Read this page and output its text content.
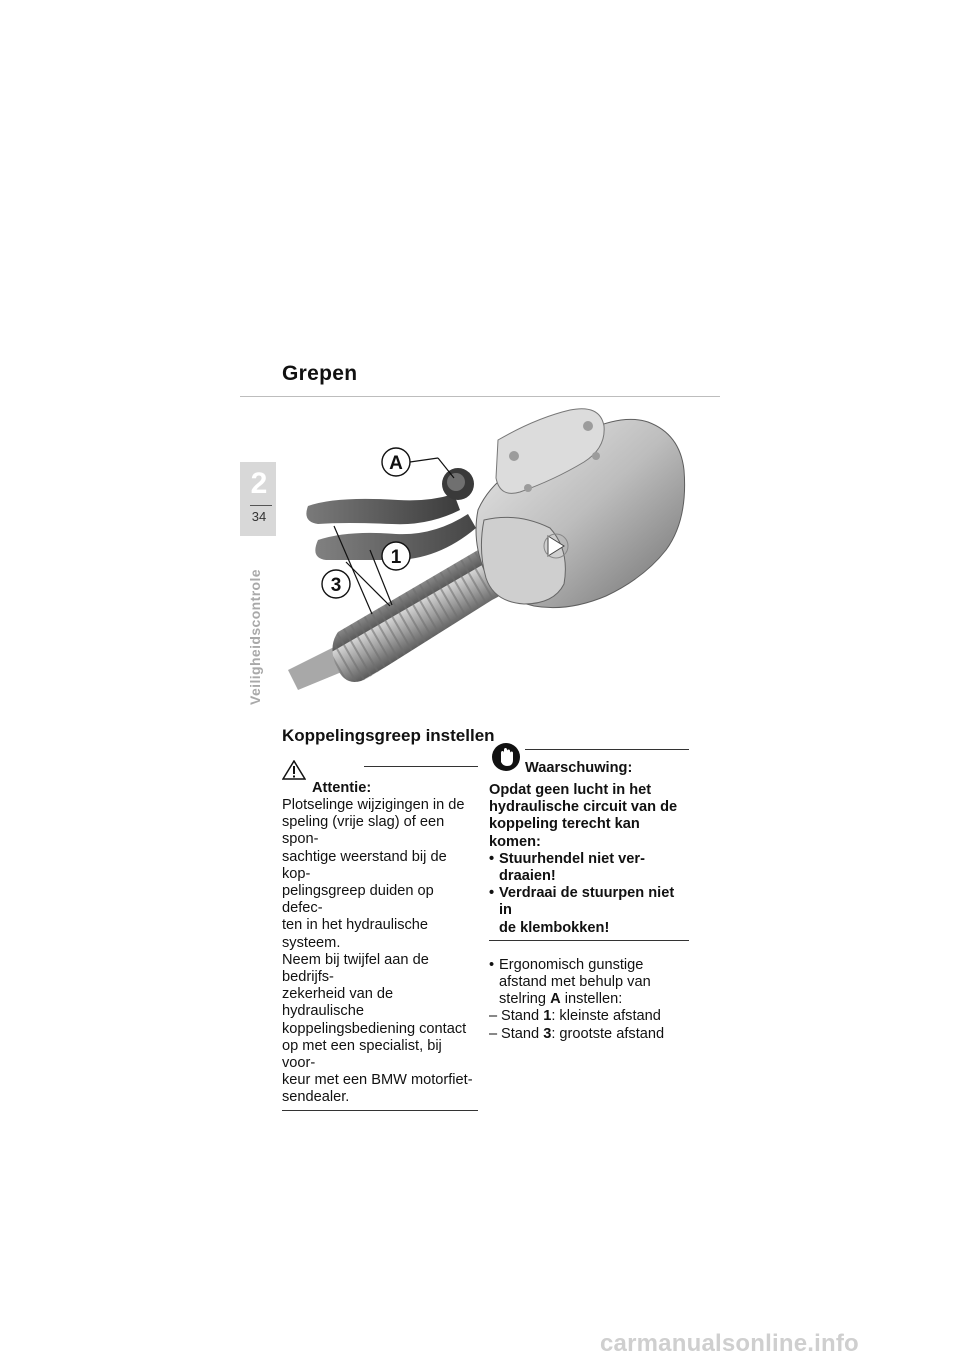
Grepen
2
34
Veiligheidscontrole
A
1
3
Koppelingsgreep instellen
Attentie:
Plotselinge wijzigingen in de
speling (vrije slag) of een spon-
sachtige weerstand bij de kop-
pelingsgreep duiden op defec-
ten in het hydraulische
systeem.
Neem bij twijfel aan de bedrijfs-
zekerheid van de hydraulische
koppelingsbediening contact
op met een specialist, bij voor-
keur met een BMW motorfiet-
sendealer.
Waarschuwing:
Opdat geen lucht in het
hydraulische circuit van de
koppeling terecht kan komen:
• Stuurhendel niet ver-
draaien!
• Verdraai de stuurpen niet in
de klembokken!
• Ergonomisch gunstige
afstand met behulp van
stelring A instellen:
– Stand 1: kleinste afstand
– Stand 3: grootste afstand
carmanualsonline.info
